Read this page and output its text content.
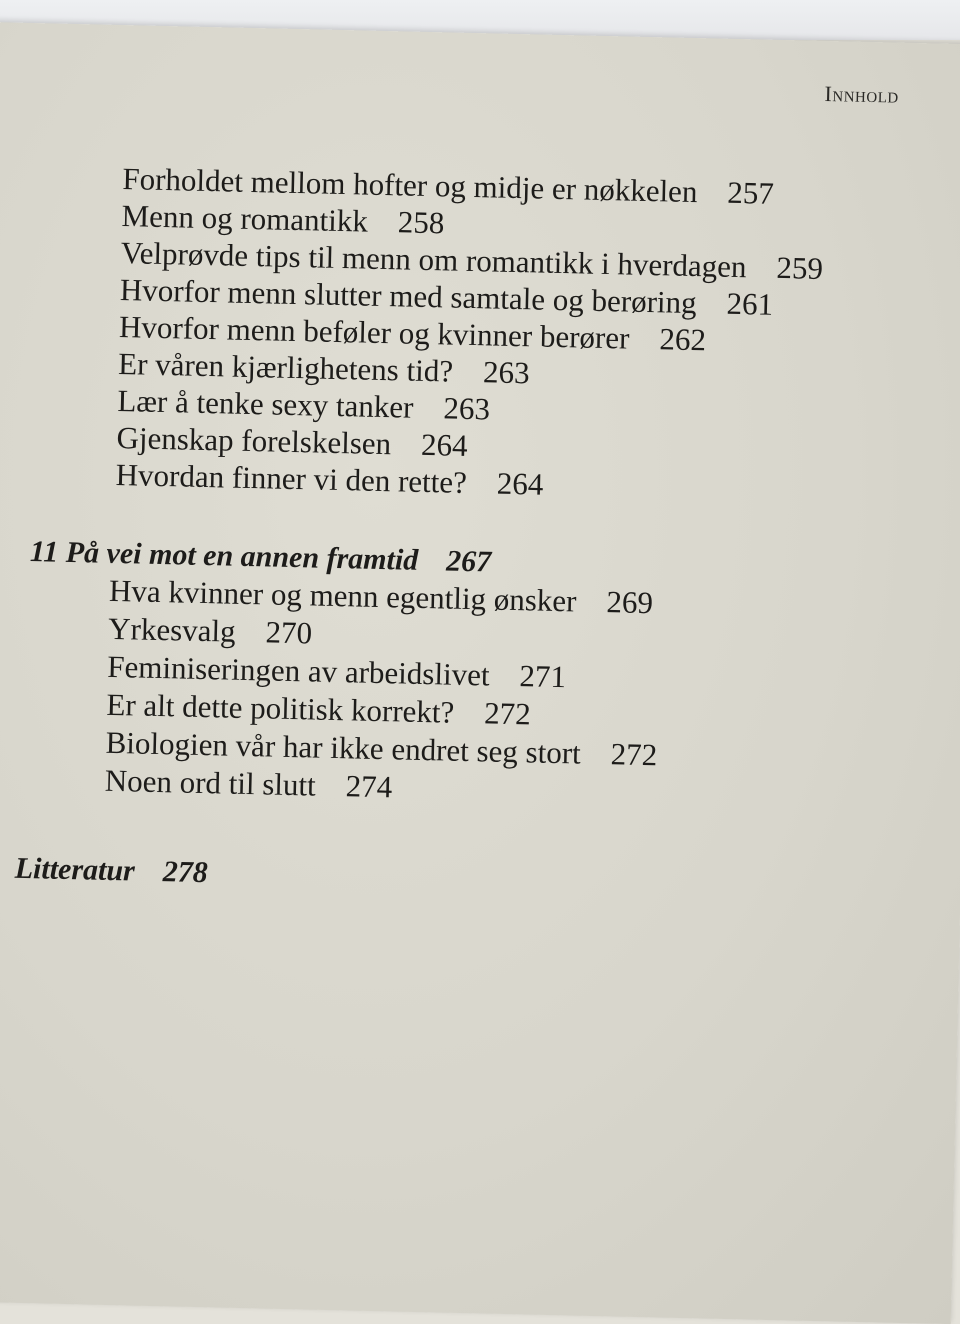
Innhold
Forholdet mellom hofter og midje er nøkkelen 257
Menn og romantikk 258
Velprøvde tips til menn om romantikk i hverdagen 259
Hvorfor menn slutter med samtale og berøring 261
Hvorfor menn beføler og kvinner berører 262
Er våren kjærlighetens tid? 263
Lær å tenke sexy tanker 263
Gjenskap forelskelsen 264
Hvordan finner vi den rette? 264
11 På vei mot en annen framtid 267
Hva kvinner og menn egentlig ønsker 269
Yrkesvalg 270
Feminiseringen av arbeidslivet 271
Er alt dette politisk korrekt? 272
Biologien vår har ikke endret seg stort 272
Noen ord til slutt 274
Litteratur 278
